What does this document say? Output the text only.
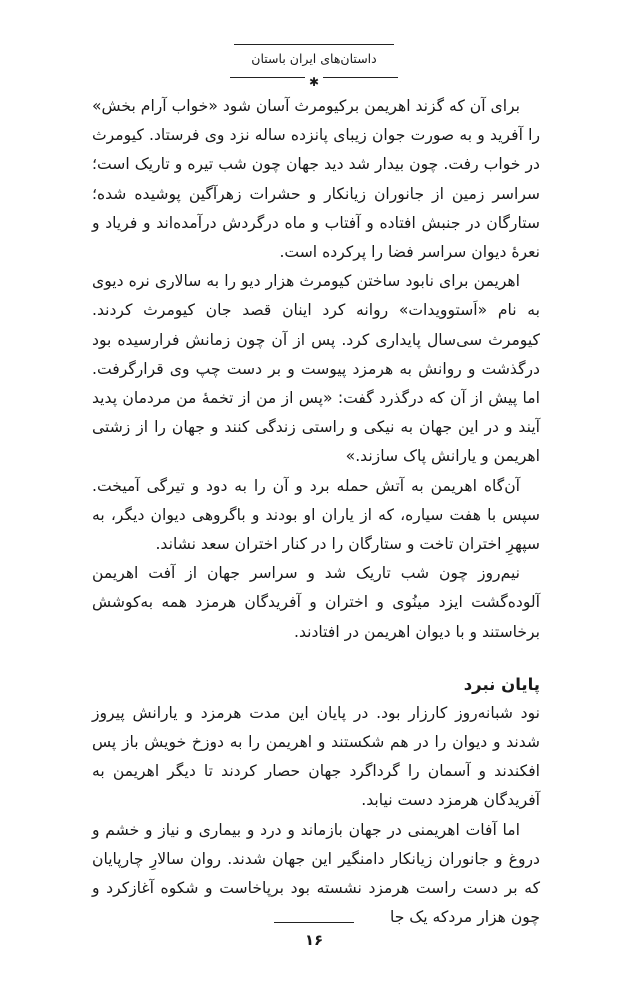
داستان‌های ایران باستان
✱

برای آن که گزند اهریمن برکیومرث آسان شود «خواب آرام بخش» را آفرید و به صورت جوان زیبای پانزده ساله نزد وی فرستاد. کیومرث در خواب رفت. چون بیدار شد دید جهان چون شب تیره و تاریک است؛ سراسر زمین از جانوران زیانکار و حشرات زهرآگین پوشیده شده؛ ستارگان در جنبش افتاده و آفتاب و ماه درگردش درآمده‌اند و فریاد و نعرهٔ دیوان سراسر فضا را پرکرده است.

اهریمن برای نابود ساختن کیومرث هزار دیو را به سالاری نره دیوی به نام «اَستوویدات» روانه کرد اینان قصد جان کیومرث کردند. کیومرث سی‌سال پایداری کرد. پس از آن چون زمانش فرارسیده بود درگذشت و روانش به هرمزد پیوست و بر دست چپ وی قرارگرفت. اما پیش از آن که درگذرد گفت: «پس از من از تخمهٔ من مردمان پدید آیند و در این جهان به نیکی و راستی زندگی کنند و جهان را از زشتی اهریمن و یارانش پاک سازند.»

آن‌گاه اهریمن به آتش حمله برد و آن را به دود و تیرگی آمیخت. سپس با هفت سیاره، که از یاران او بودند و باگروهی دیوان دیگر، به سپهرِ اختران تاخت و ستارگان را در کنار اختران سعد نشاند.

نیم‌روز چون شب تاریک شد و سراسر جهان از آفت اهریمن آلوده‌گشت ایزد مینُوی و اختران و آفریدگان هرمزد همه به‌کوشش برخاستند و با دیوان اهریمن در افتادند.

پایان نبرد

نود شبانه‌روز کارزار بود. در پایان این مدت هرمزد و یارانش پیروز شدند و دیوان را در هم شکستند و اهریمن را به دوزخ خویش باز پس افکندند و آسمان را گرداگرد جهان حصار کردند تا دیگر اهریمن به آفریدگان هرمزد دست نیابد.

اما آفات اهریمنی در جهان بازماند و درد و بیماری و نیاز و خشم و دروغ و جانوران زیانکار دامنگیر این جهان شدند. روان سالارِ چارپایان که بر دست راست هرمزد نشسته بود برپاخاست و شکوه آغازکرد و چون هزار مردکه یک جا

۱۶
